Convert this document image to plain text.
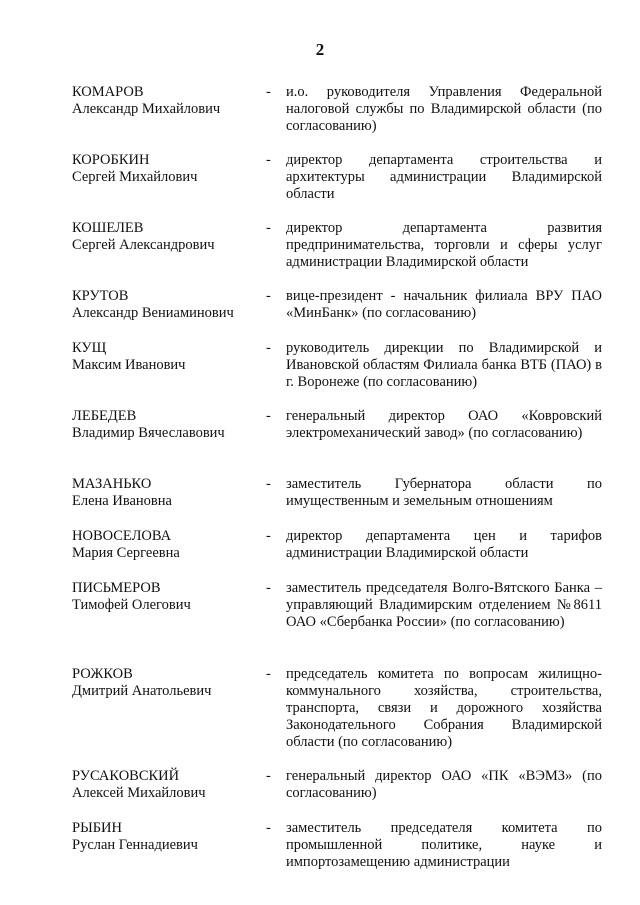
2
КОМАРОВ
Александр Михайлович
- и.о. руководителя Управления Федеральной налоговой службы по Владимирской области (по согласованию)
КОРОБКИН
Сергей Михайлович
- директор департамента строительства и архитектуры администрации Владимирской области
КОШЕЛЕВ
Сергей Александрович
- директор департамента развития предпринимательства, торговли и сферы услуг администрации Владимирской области
КРУТОВ
Александр Вениаминович
- вице-президент - начальник филиала ВРУ ПАО «МинБанк» (по согласованию)
КУЩ
Максим Иванович
- руководитель дирекции по Владимирской и Ивановской областям Филиала банка ВТБ (ПАО) в г. Воронеже (по согласованию)
ЛЕБЕДЕВ
Владимир Вячеславович
- генеральный директор ОАО «Ковровский электромеханический завод» (по согласованию)
МАЗАНЬКО
Елена Ивановна
- заместитель Губернатора области по имущественным и земельным отношениям
НОВОСЕЛОВА
Мария Сергеевна
- директор департамента цен и тарифов администрации Владимирской области
ПИСЬМЕРОВ
Тимофей Олегович
- заместитель председателя Волго-Вятского Банка – управляющий Владимирским отделением №8611 ОАО «Сбербанка России» (по согласованию)
РОЖКОВ
Дмитрий Анатольевич
- председатель комитета по вопросам жилищно-коммунального хозяйства, строительства, транспорта, связи и дорожного хозяйства Законодательного Собрания Владимирской области (по согласованию)
РУСАКОВСКИЙ
Алексей Михайлович
- генеральный директор ОАО «ПК «ВЭМЗ» (по согласованию)
РЫБИН
Руслан Геннадиевич
- заместитель председателя комитета по промышленной политике, науке и импортозамещению администрации
